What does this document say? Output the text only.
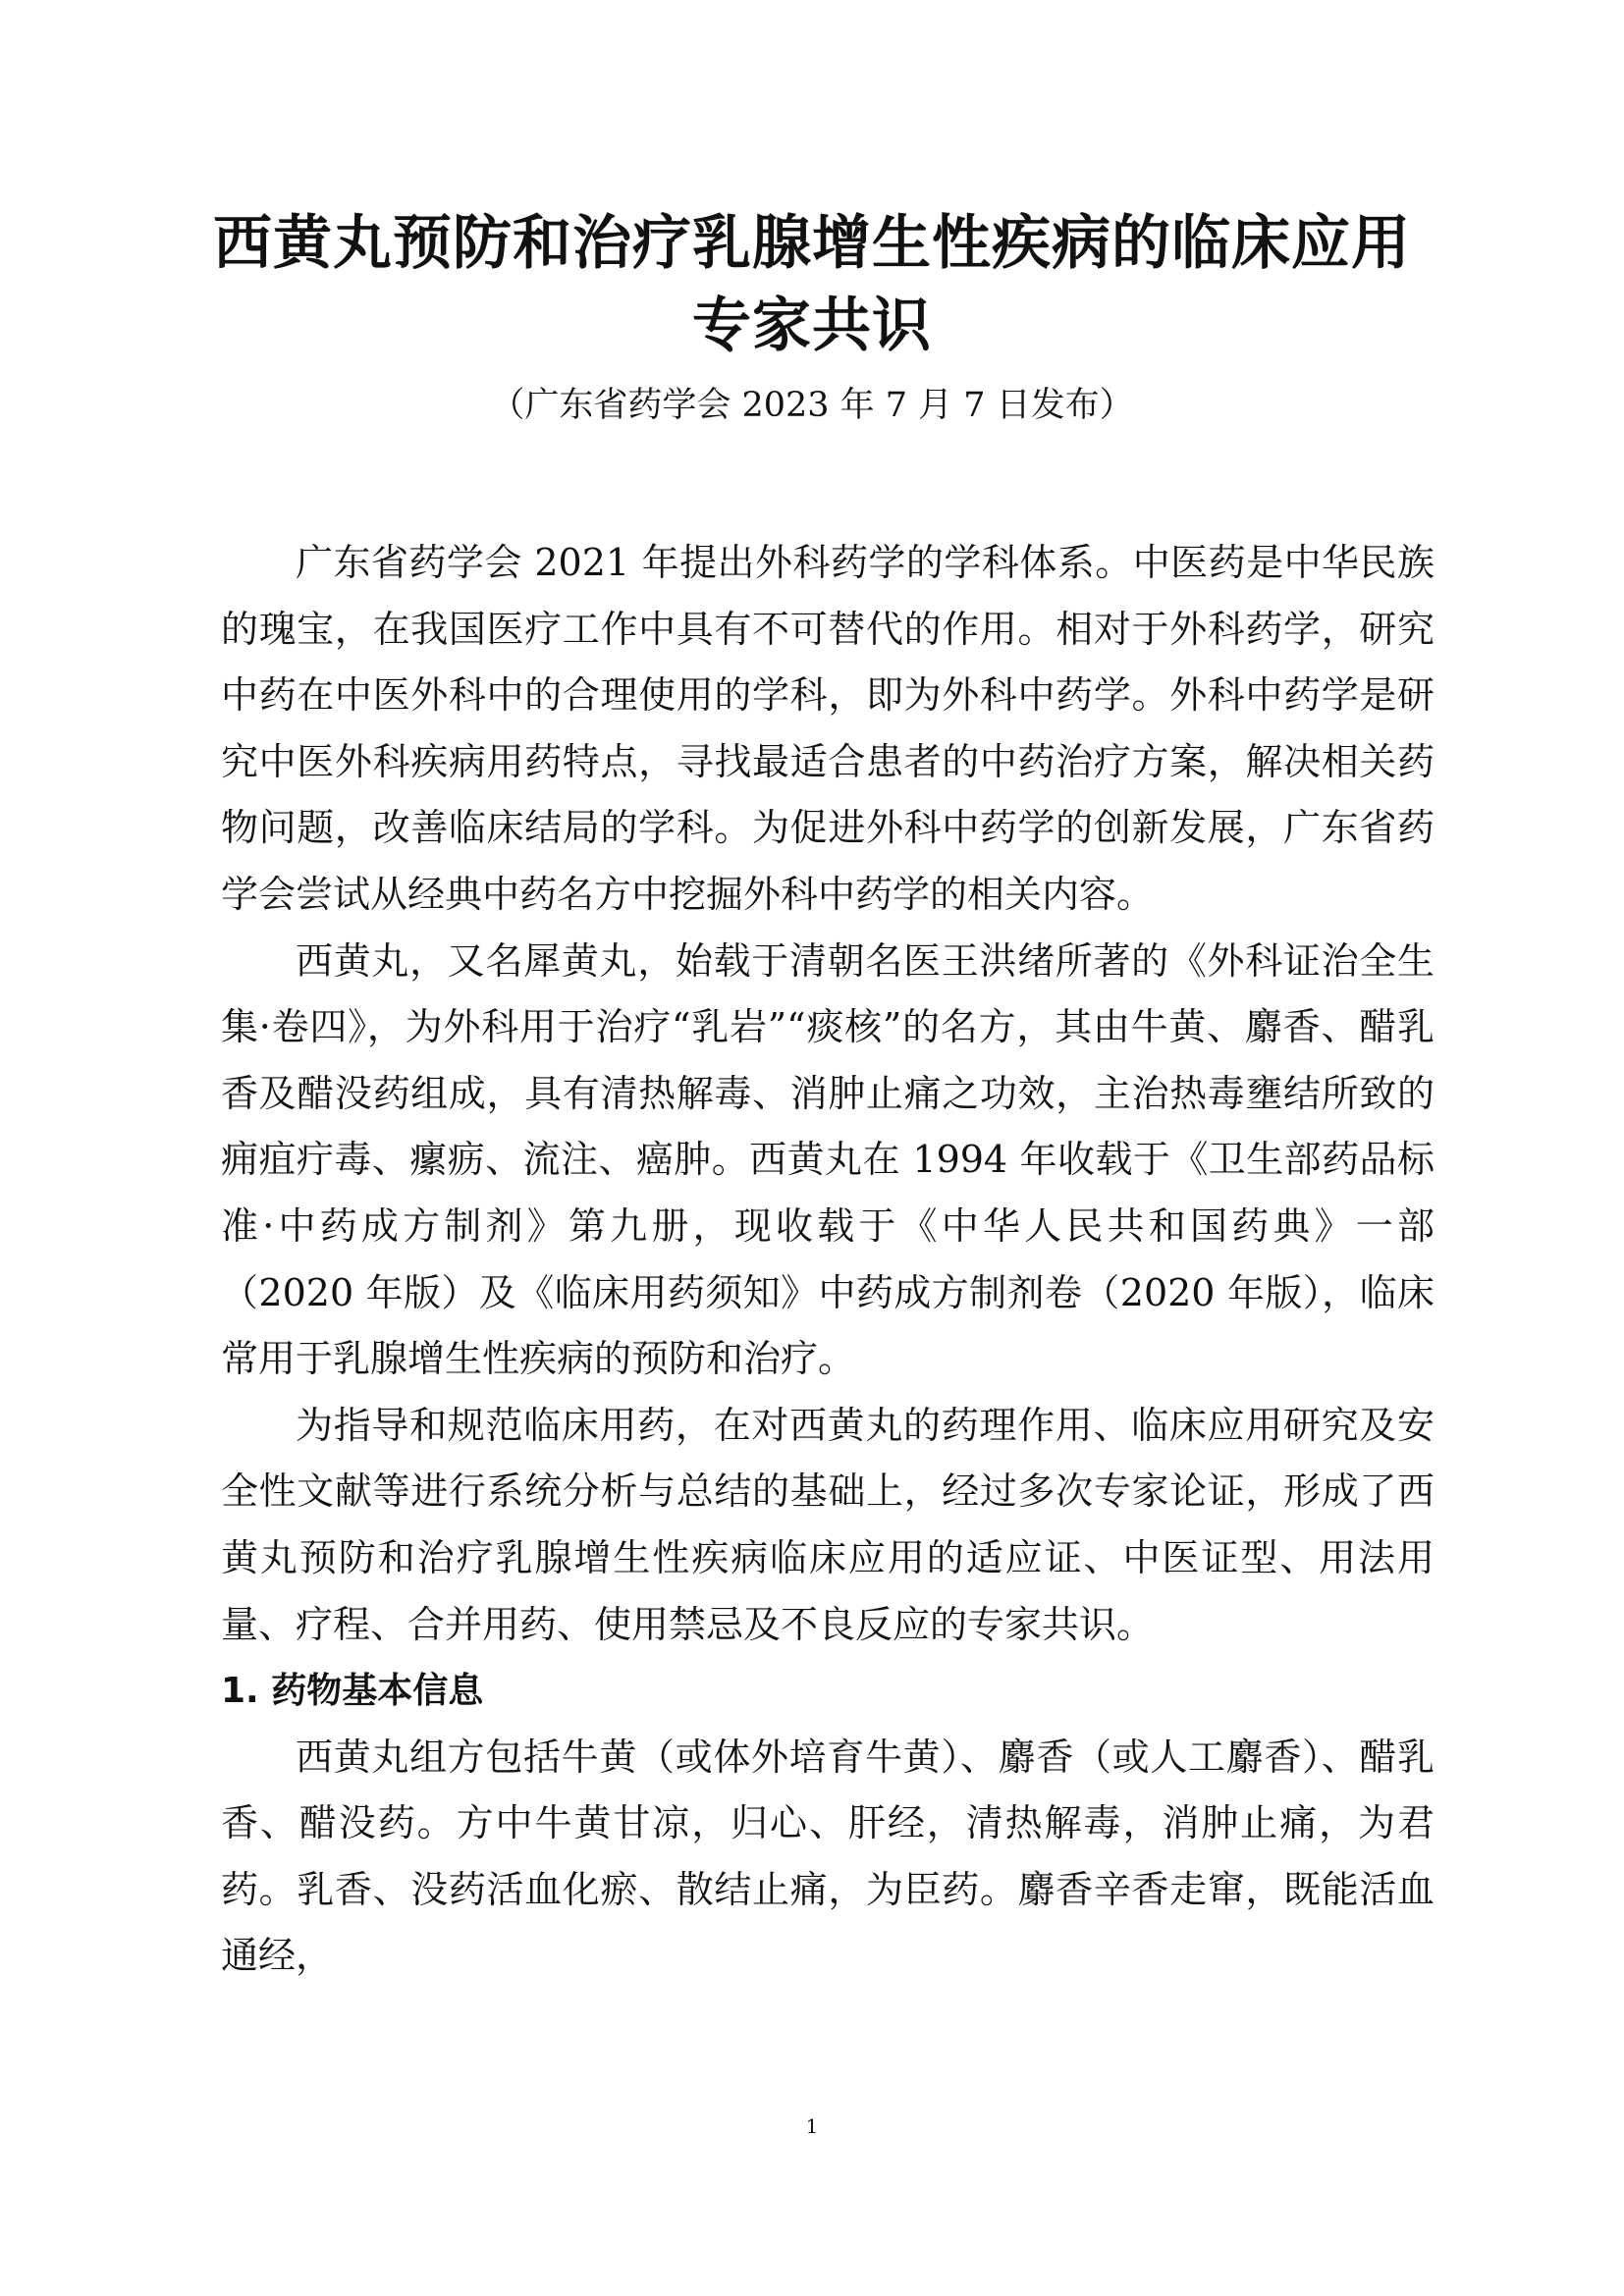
西黄丸预防和治疗乳腺增生性疾病的临床应用
专家共识
（广东省药学会 2023 年 7 月 7 日发布）

广东省药学会 2021 年提出外科药学的学科体系。中医药是中华民族的瑰宝，在我国医疗工作中具有不可替代的作用。相对于外科药学，研究中药在中医外科中的合理使用的学科，即为外科中药学。外科中药学是研究中医外科疾病用药特点，寻找最适合患者的中药治疗方案，解决相关药物问题，改善临床结局的学科。为促进外科中药学的创新发展，广东省药学会尝试从经典中药名方中挖掘外科中药学的相关内容。

西黄丸，又名犀黄丸，始载于清朝名医王洪绪所著的《外科证治全生集·卷四》，为外科用于治疗“乳岩”“痰核”的名方，其由牛黄、麝香、醋乳香及醋没药组成，具有清热解毒、消肿止痛之功效，主治热毒壅结所致的痈疽疔毒、瘰疬、流注、癌肿。西黄丸在 1994 年收载于《卫生部药品标准·中药成方制剂》第九册，现收载于《中华人民共和国药典》一部（2020 年版）及《临床用药须知》中药成方制剂卷（2020 年版），临床常用于乳腺增生性疾病的预防和治疗。

为指导和规范临床用药，在对西黄丸的药理作用、临床应用研究及安全性文献等进行系统分析与总结的基础上，经过多次专家论证，形成了西黄丸预防和治疗乳腺增生性疾病临床应用的适应证、中医证型、用法用量、疗程、合并用药、使用禁忌及不良反应的专家共识。

1. 药物基本信息

西黄丸组方包括牛黄（或体外培育牛黄）、麝香（或人工麝香）、醋乳香、醋没药。方中牛黄甘凉，归心、肝经，清热解毒，消肿止痛，为君药。乳香、没药活血化瘀、散结止痛，为臣药。麝香辛香走窜，既能活血通经，

1
